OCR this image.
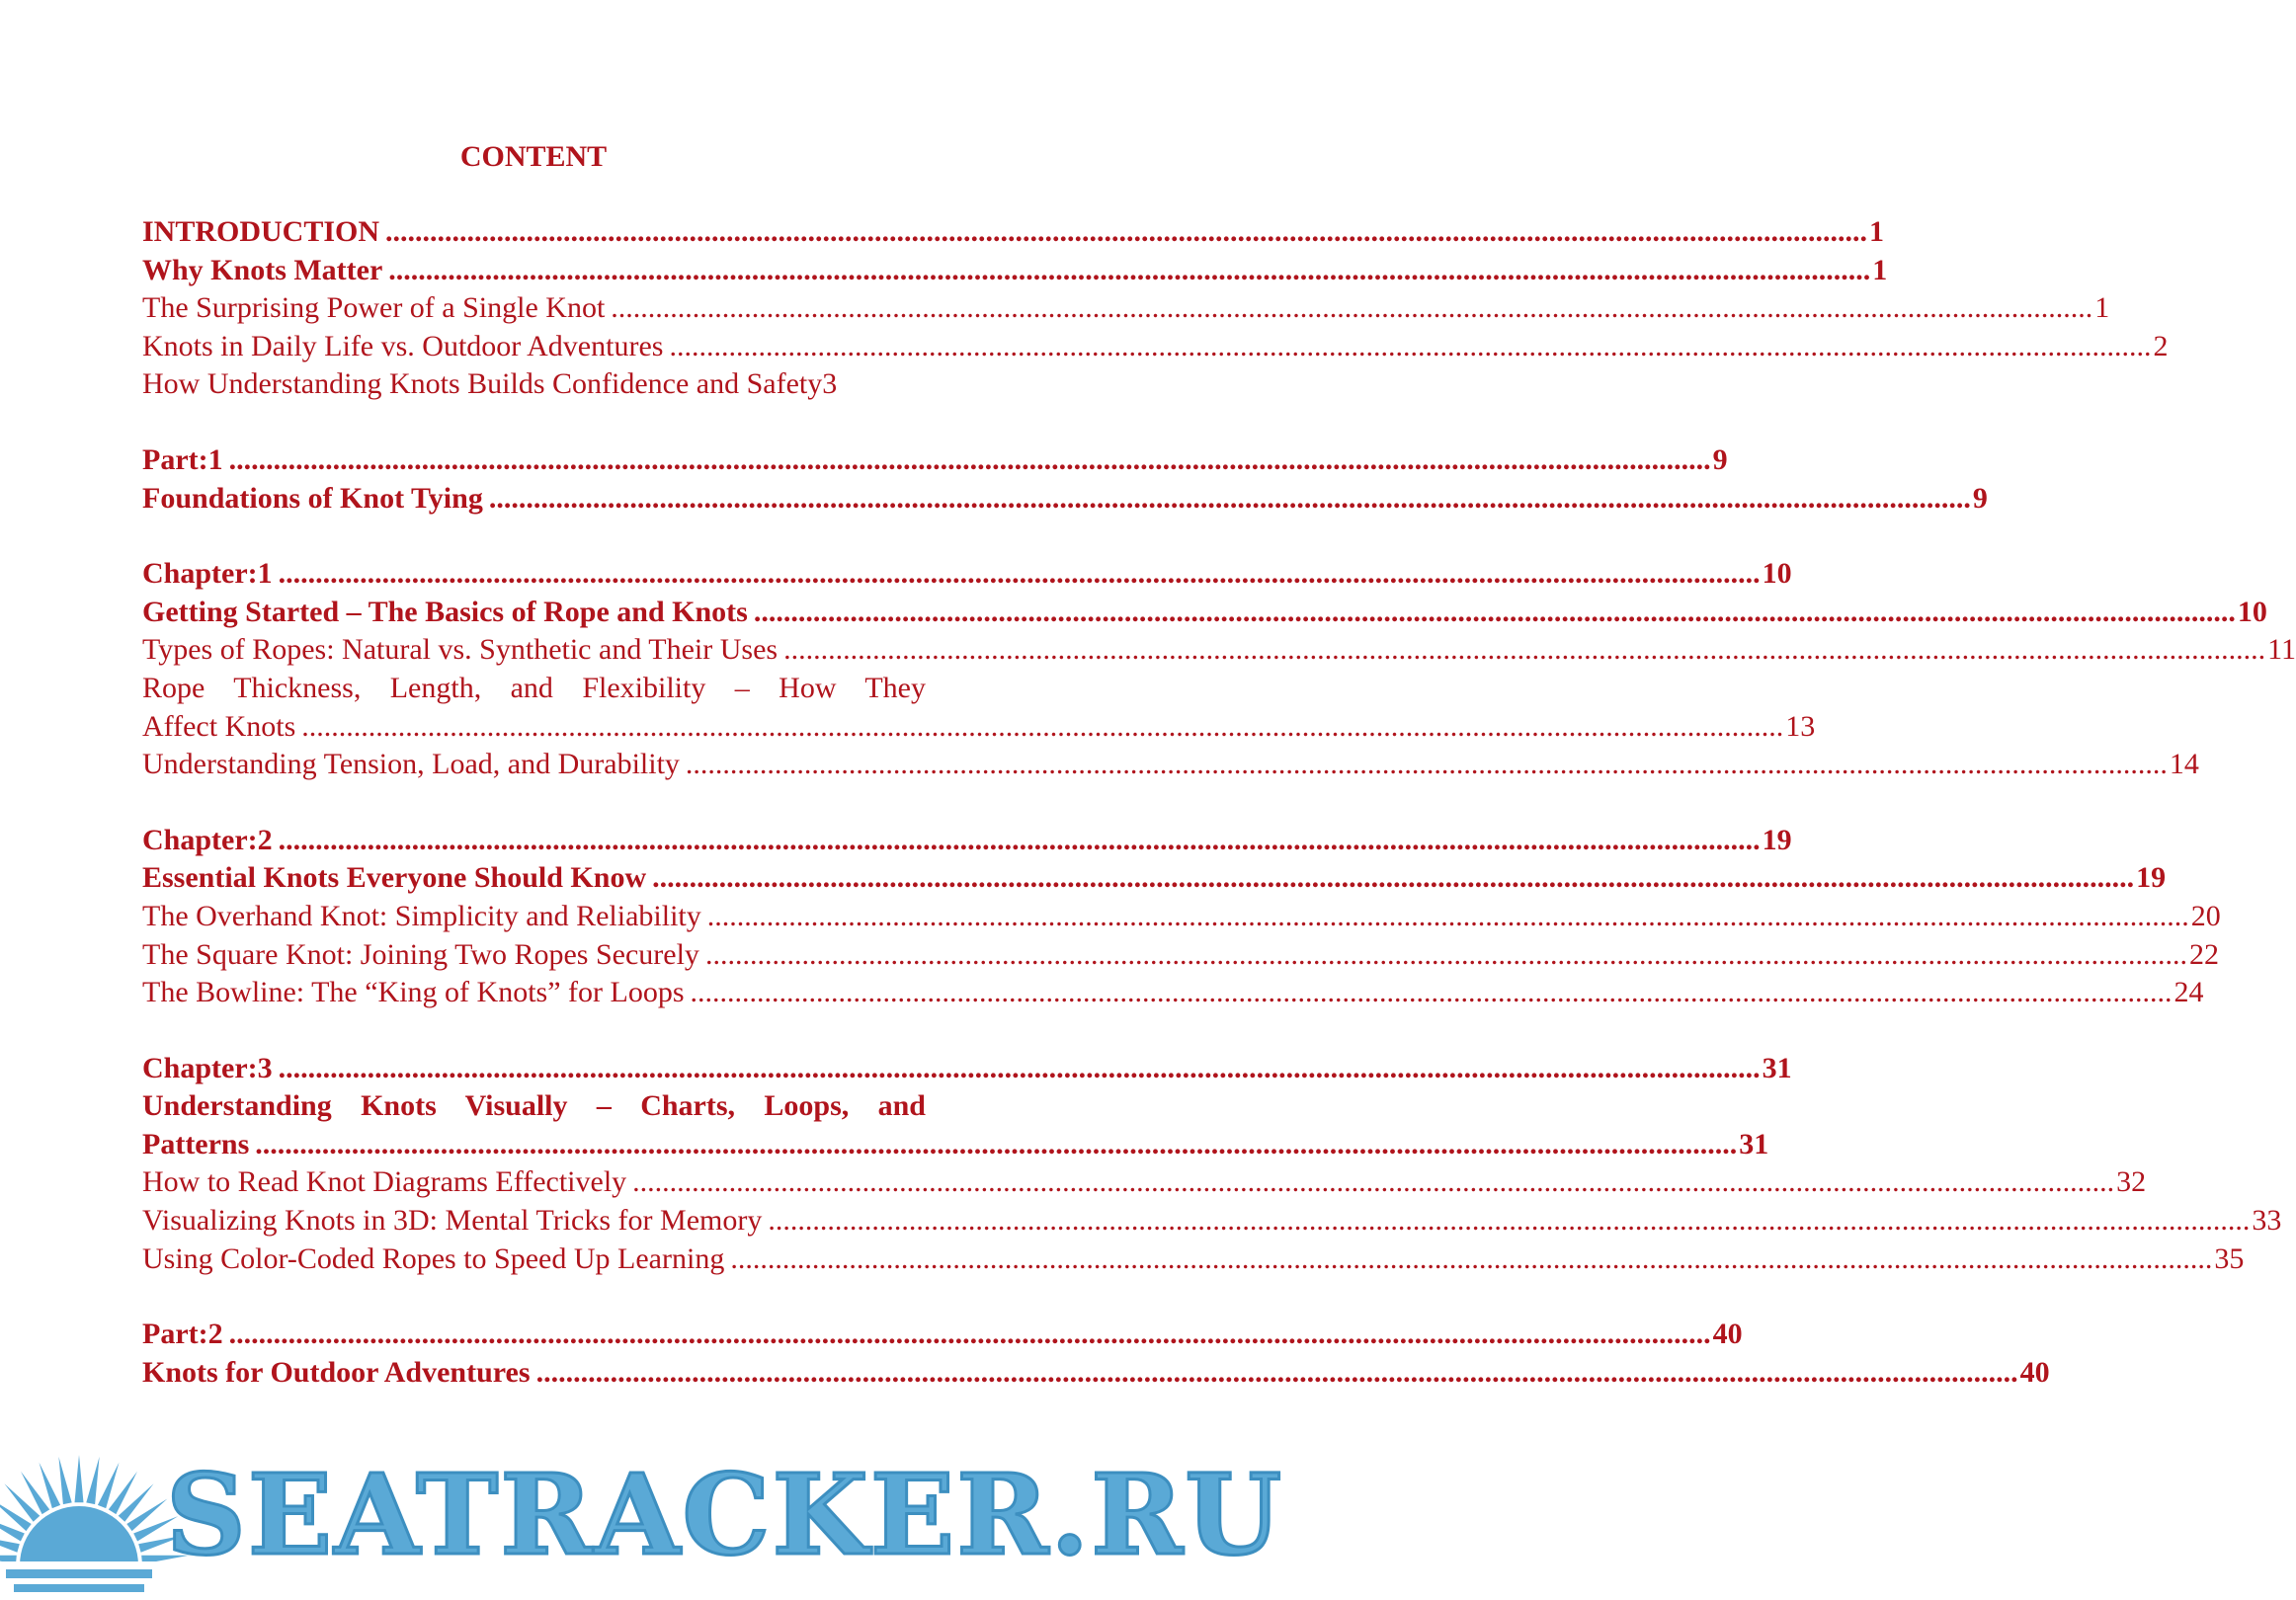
CONTENT
INTRODUCTION .....	1
Why Knots Matter .....	1
The Surprising Power of a Single Knot .....	1
Knots in Daily Life vs. Outdoor Adventures .....	2
How Understanding Knots Builds Confidence and Safety 3
Part:1 .....	9
Foundations of Knot Tying .....	9
Chapter:1 .....	10
Getting Started – The Basics of Rope and Knots .....	10
Types of Ropes: Natural vs. Synthetic and Their Uses .....	11
Rope Thickness, Length, and Flexibility – How They
Affect Knots .....	13
Understanding Tension, Load, and Durability .....	14
Chapter:2 .....	19
Essential Knots Everyone Should Know .....	19
The Overhand Knot: Simplicity and Reliability .....	20
The Square Knot: Joining Two Ropes Securely .....	22
The Bowline: The “King of Knots” for Loops .....	24
Chapter:3 .....	31
Understanding Knots Visually – Charts, Loops, and
Patterns .....	31
How to Read Knot Diagrams Effectively .....	32
Visualizing Knots in 3D: Mental Tricks for Memory .....	33
Using Color-Coded Ropes to Speed Up Learning .....	35
Part:2 .....	40
Knots for Outdoor Adventures .....	40
SEATRACKER.RU
